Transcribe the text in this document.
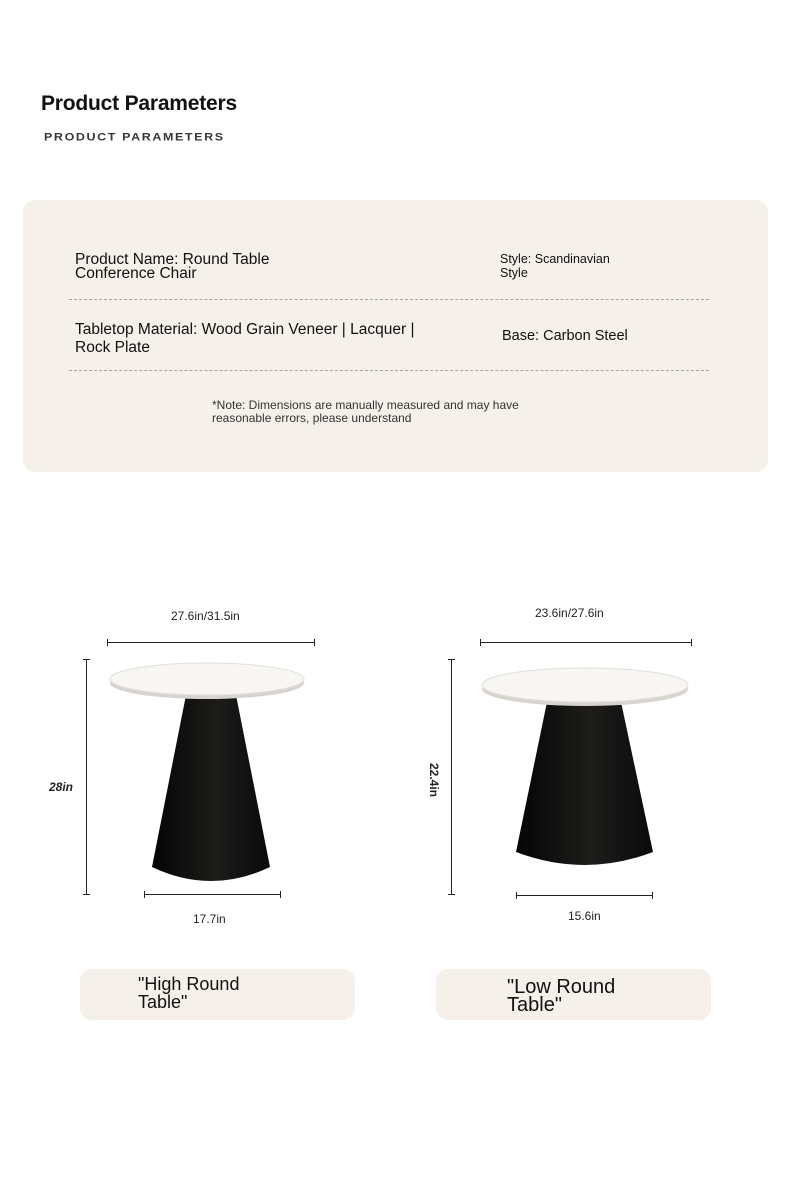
Product Parameters
PRODUCT PARAMETERS
Product Name: Round Table Conference Chair
Style: Scandinavian Style
Tabletop Material: Wood Grain Veneer | Lacquer | Rock Plate
Base: Carbon Steel
*Note: Dimensions are manually measured and may have reasonable errors, please understand
27.6in/31.5in
28in
17.7in
23.6in/27.6in
22.4in
15.6in
"High Round Table"
"Low Round Table"
